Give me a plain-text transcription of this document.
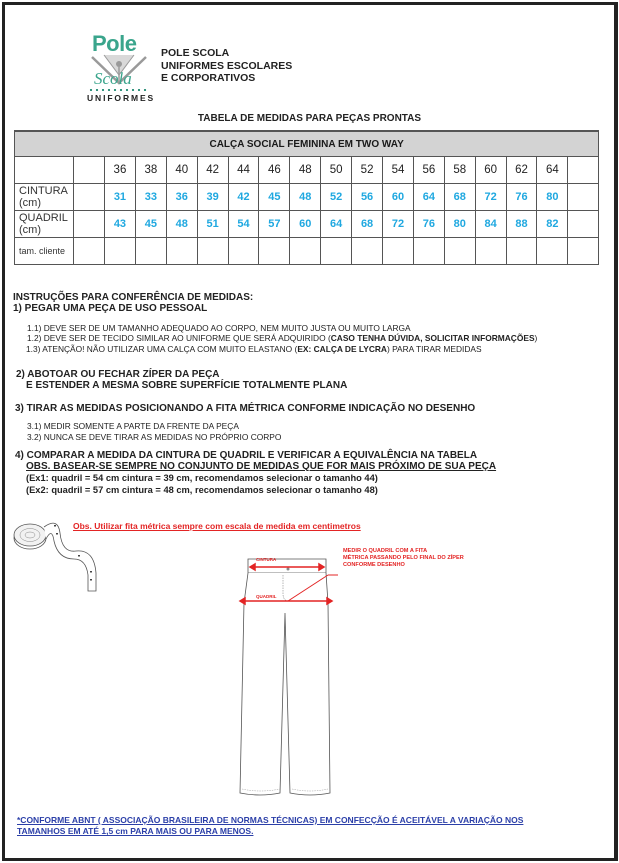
Pole
Scola
UNIFORMES
POLE SCOLA
UNIFORMES ESCOLARES
E CORPORATIVOS
TABELA DE MEDIDAS PARA PEÇAS PRONTAS
CALÇA SOCIAL FEMININA EM TWO WAY																	
		36	38	40	42	44	46	48	50	52	54	56	58	60	62	64	
CINTURA (cm)		31	33	36	39	42	45	48	52	56	60	64	68	72	76	80	
QUADRIL (cm)		43	45	48	51	54	57	60	64	68	72	76	80	84	88	82	
tam. cliente																	
INSTRUÇÕES PARA CONFERÊNCIA DE MEDIDAS:
1) PEGAR UMA PEÇA DE USO PESSOAL
1.1) DEVE SER DE UM TAMANHO ADEQUADO AO CORPO, NEM MUITO JUSTA OU MUITO LARGA
1.2) DEVE SER DE TECIDO SIMILAR AO UNIFORME QUE SERÁ ADQUIRIDO (CASO TENHA DÚVIDA, SOLICITAR INFORMAÇÕES)
1.3) ATENÇÃO! NÃO UTILIZAR UMA CALÇA COM MUITO ELASTANO (EX: CALÇA DE LYCRA) PARA TIRAR MEDIDAS
2) ABOTOAR OU FECHAR ZÍPER DA PEÇA
E ESTENDER A MESMA SOBRE SUPERFÍCIE TOTALMENTE PLANA
3) TIRAR AS MEDIDAS POSICIONANDO A FITA MÉTRICA CONFORME INDICAÇÃO NO DESENHO
3.1) MEDIR SOMENTE A PARTE DA FRENTE DA PEÇA
3.2) NUNCA SE DEVE TIRAR AS MEDIDAS NO PRÓPRIO CORPO
4) COMPARAR A MEDIDA DA CINTURA DE QUADRIL E VERIFICAR A EQUIVALÊNCIA NA TABELA
OBS. BASEAR-SE SEMPRE NO CONJUNTO DE MEDIDAS QUE FOR MAIS PRÓXIMO DE SUA PEÇA
(Ex1: quadril = 54 cm cintura = 39 cm, recomendamos selecionar o tamanho 44)
(Ex2: quadril = 57 cm cintura = 48 cm, recomendamos selecionar o tamanho 48)
Obs. Utilizar fita métrica sempre com escala de medida em centimetros
CINTURA
QUADRIL
MEDIR O QUADRIL COM A FITA
MÉTRICA PASSANDO PELO FINAL DO ZÍPER
CONFORME DESENHO
*CONFORME ABNT ( ASSOCIAÇÃO BRASILEIRA DE NORMAS TÉCNICAS) EM CONFECÇÃO É ACEITÁVEL A VARIAÇÃO NOS
TAMANHOS EM ATÉ 1,5 cm PARA MAIS OU PARA MENOS.
